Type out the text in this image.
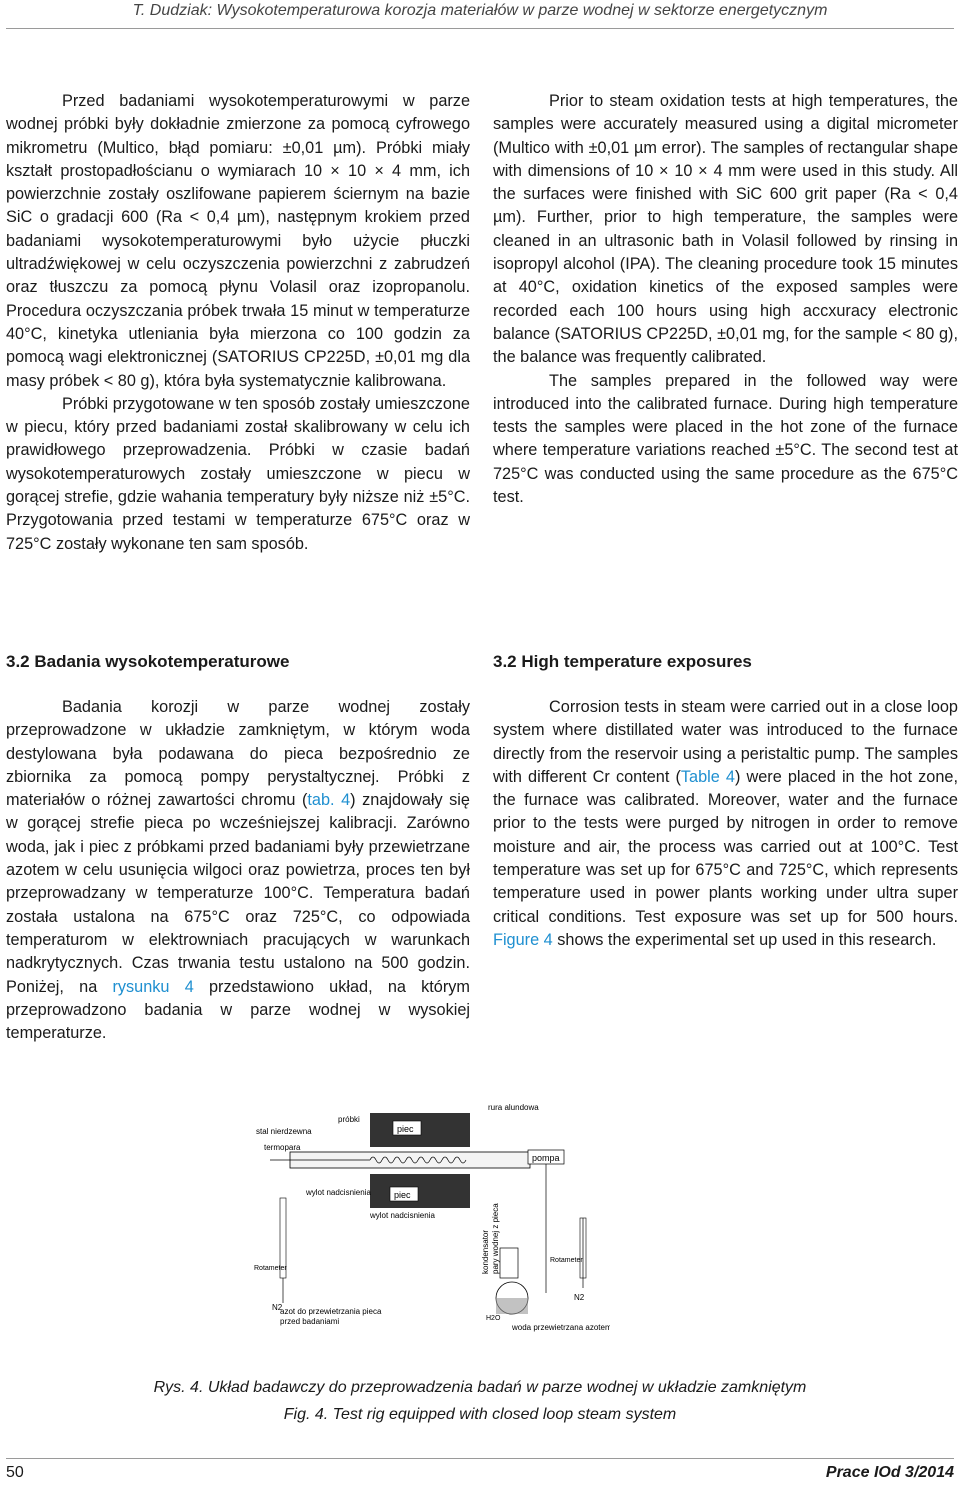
T. Dudziak: Wysokotemperaturowa korozja materiałów w parze wodnej w sektorze energetycznym

Przed badaniami wysokotemperaturowymi w parze wodnej próbki były dokładnie zmierzone za pomocą cyfrowego mikrometru (Multico, błąd pomiaru: ±0,01 µm). Próbki miały kształt prostopadłościanu o wymiarach 10 × 10 × 4 mm, ich powierzchnie zostały oszlifowane papierem ściernym na bazie SiC o gradacji 600 (Ra < 0,4 µm), następnym krokiem przed badaniami wysokotemperaturowymi było użycie płuczki ultradźwiękowej w celu oczyszczenia powierzchni z zabrudzeń oraz tłuszczu za pomocą płynu Volasil oraz izopropanolu. Procedura oczyszczania próbek trwała 15 minut w temperaturze 40°C, kinetyka utleniania była mierzona co 100 godzin za pomocą wagi elektronicznej (SATORIUS CP225D, ±0,01 mg dla masy próbek < 80 g), która była systematycznie kalibrowana.

Próbki przygotowane w ten sposób zostały umieszczone w piecu, który przed badaniami został skalibrowany w celu ich prawidłowego przeprowadzenia. Próbki w czasie badań wysokotemperaturowych zostały umieszczone w piecu w gorącej strefie, gdzie wahania temperatury były niższe niż ±5°C. Przygotowania przed testami w temperaturze 675°C oraz w 725°C zostały wykonane ten sam sposób.

Prior to steam oxidation tests at high temperatures, the samples were accurately measured using a digital micrometer (Multico with ±0,01 µm error). The samples of rectangular shape with dimensions of 10 × 10 × 4 mm were used in this study. All the surfaces were finished with SiC 600 grit paper (Ra < 0,4 µm). Further, prior to high temperature, the samples were cleaned in an ultrasonic bath in Volasil followed by rinsing in isopropyl alcohol (IPA). The cleaning procedure took 15 minutes at 40°C, oxidation kinetics of the exposed samples were recorded each 100 hours using high accxuracy electronic balance (SATORIUS CP225D, ±0,01 mg, for the sample < 80 g), the balance was frequently calibrated.

The samples prepared in the followed way were introduced into the calibrated furnace. During high temperature tests the samples were placed in the hot zone of the furnace where temperature variations reached ±5°C. The second test at 725°C was conducted using the same procedure as the 675°C test.

3.2 Badania wysokotemperaturowe	3.2 High temperature exposures

Badania korozji w parze wodnej zostały przeprowadzone w układzie zamkniętym, w którym woda destylowana była podawana do pieca bezpośrednio ze zbiornika za pomocą pompy perystaltycznej. Próbki z materiałów o różnej zawartości chromu (tab. 4) znajdowały się w gorącej strefie pieca po wcześniejszej kalibracji. Zarówno woda, jak i piec z próbkami przed badaniami były przewietrzane azotem w celu usunięcia wilgoci oraz powietrza, proces ten był przeprowadzany w temperaturze 100°C. Temperatura badań została ustalona na 675°C oraz 725°C, co odpowiada temperaturom w elektrowniach pracujących w warunkach nadkrytycznych. Czas trwania testu ustalono na 500 godzin. Poniżej, na rysunku 4 przedstawiono układ, na którym przeprowadzono badania w parze wodnej w wysokiej temperaturze.

Corrosion tests in steam were carried out in a close loop system where distillated water was introduced to the furnace directly from the reservoir using a peristaltic pump. The samples with different Cr content (Table 4) were placed in the hot zone, the furnace was calibrated. Moreover, water and the furnace prior to the tests were purged by nitrogen in order to remove moisture and air, the process was carried out at 100°C. Test temperature was set up for 675°C and 725°C, which represents temperature used in power plants working under ultra super critical conditions. Test exposure was set up for 500 hours. Figure 4 shows the experimental set up used in this research.

piec
piec
pompa
stal nierdzewna
próbki
rura alundowa
termopara
wylot nadcisnienia
wylot nadcisnienia
Rotameter
N2
azot do przewietrzania pieca
przed badaniami
kondensator pary wodnej z pieca
H2O
Rotameter
N2
woda przewietrzana azotem
Rys. 4. Układ badawczy do przeprowadzenia badań w parze wodnej w układzie zamkniętym
Fig. 4. Test rig equipped with closed loop steam system
50	Prace IOd 3/2014
